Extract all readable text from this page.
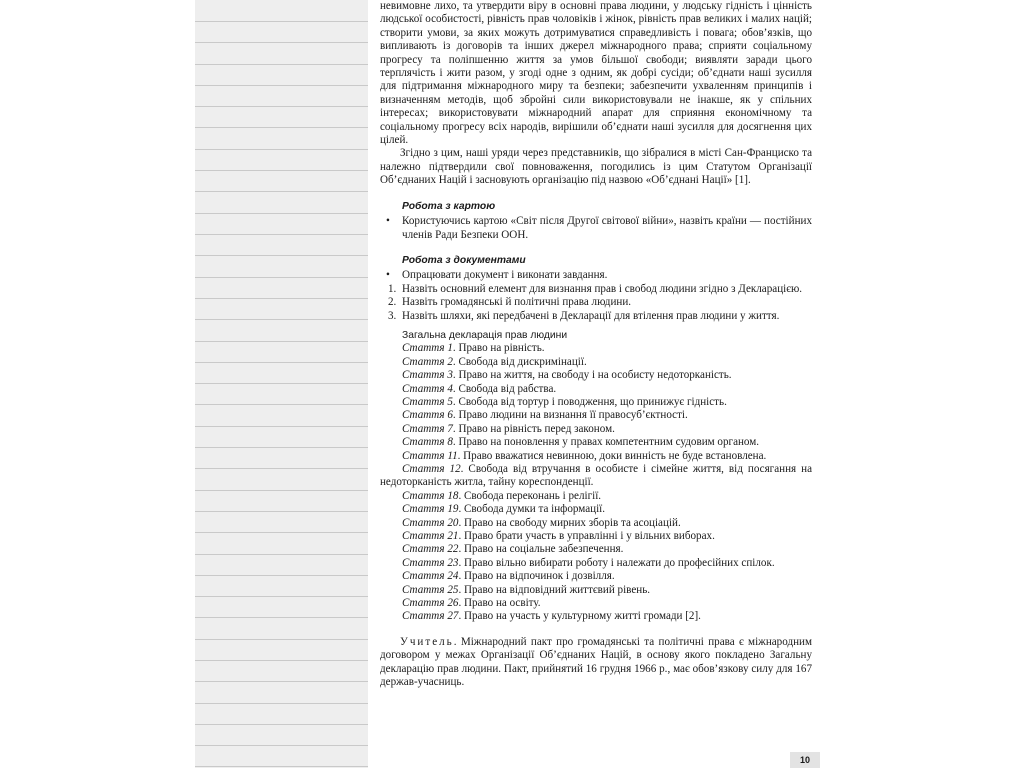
невимовне лихо, та утвердити віру в основні права людини, у людську гідність і цінність людської особистості, рівність прав чоловіків і жінок, рівність прав великих і малих націй; створити умови, за яких можуть дотримуватися справедливість і повага; обов’язків, що випливають із договорів та інших джерел міжнародного права; сприяти соціальному прогресу та поліпшенню життя за умов більшої свободи; виявляти заради цього терплячість і жити разом, у згоді одне з одним, як добрі сусіди; об’єднати наші зусилля для підтримання міжнародного миру та безпеки; забезпечити ухваленням принципів і визначенням методів, щоб збройні сили використовували не інакше, як у спільних інтересах; використовувати міжнародний апарат для сприяння економічному та соціальному прогресу всіх народів, вирішили об’єднати наші зусилля для досягнення цих цілей.

Згідно з цим, наші уряди через представників, що зібралися в місті Сан-Франциско та належно підтвердили свої повноваження, погодились із цим Статутом Організації Об’єднаних Націй і засновують організацію під назвою «Об’єднані Нації» [1].

Робота з картою
•	Користуючись картою «Світ після Другої світової війни», назвіть країни — постійних членів Ради Безпеки ООН.
Робота з документами
•	Опрацювати документ і виконати завдання.
1. Назвіть основний елемент для визнання прав і свобод людини згідно з Декларацією.
2. Назвіть громадянські й політичні права людини.
3. Назвіть шляхи, які передбачені в Декларації для втілення прав людини у життя.
Загальна декларація прав людини

Стаття 1. Право на рівність.

Стаття 2. Свобода від дискримінації.

Стаття 3. Право на життя, на свободу і на особисту недоторканість.

Стаття 4. Свобода від рабства.

Стаття 5. Свобода від тортур і поводження, що принижує гідність.

Стаття 6. Право людини на визнання її правосуб’єктності.

Стаття 7. Право на рівність перед законом.

Стаття 8. Право на поновлення у правах компетентним судовим органом.

Стаття 11. Право вважатися невинною, доки винність не буде встановлена.

Стаття 12. Свобода від втручання в особисте і сімейне життя, від посягання на недоторканість житла, тайну кореспонденції.

Стаття 18. Свобода переконань і релігії.

Стаття 19. Свобода думки та інформації.

Стаття 20. Право на свободу мирних зборів та асоціацій.

Стаття 21. Право брати участь в управлінні і у вільних виборах.

Стаття 22. Право на соціальне забезпечення.

Стаття 23. Право вільно вибирати роботу і належати до професійних спілок.

Стаття 24. Право на відпочинок і дозвілля.

Стаття 25. Право на відповідний життєвий рівень.

Стаття 26. Право на освіту.

Стаття 27. Право на участь у культурному житті громади [2].

Учитель. Міжнародний пакт про громадянські та політичні права є міжнародним договором у межах Організації Об’єднаних Націй, в основу якого покладено Загальну декларацію прав людини. Пакт, прийнятий 16 грудня 1966 р., має обов’язкову силу для 167 держав-учасниць.

10
